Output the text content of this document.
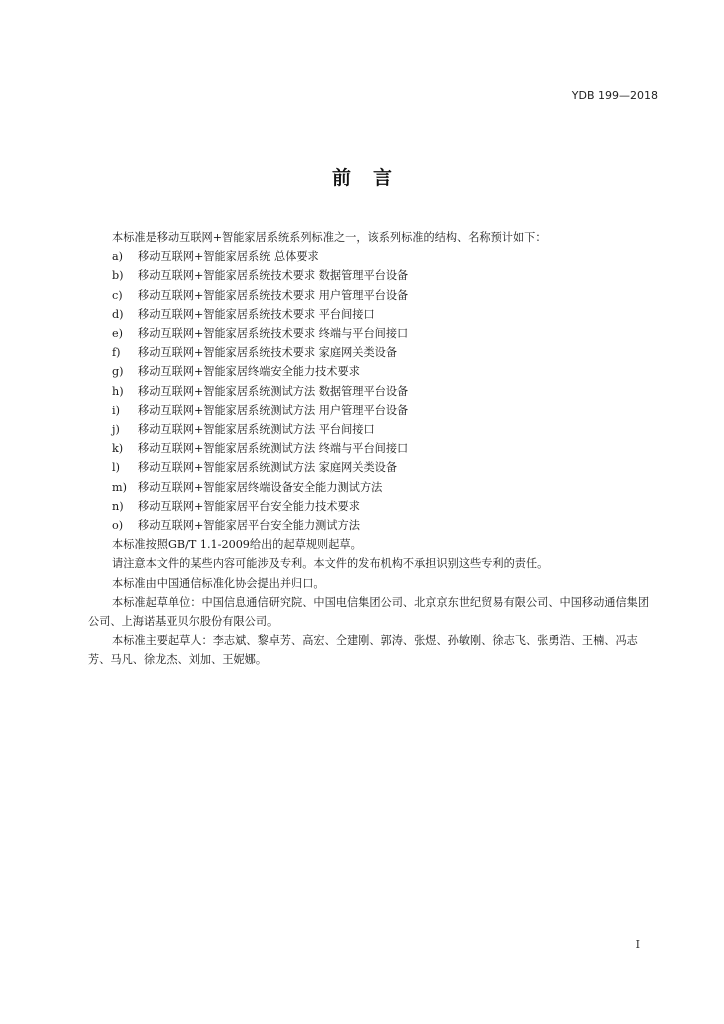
YDB 199—2018
前言

本标准是移动互联网+智能家居系统系列标准之一，该系列标准的结构、名称预计如下：

a)	移动互联网+智能家居系统 总体要求
b)	移动互联网+智能家居系统技术要求 数据管理平台设备
c)	移动互联网+智能家居系统技术要求 用户管理平台设备
d)	移动互联网+智能家居系统技术要求 平台间接口
e)	移动互联网+智能家居系统技术要求 终端与平台间接口
f)	移动互联网+智能家居系统技术要求 家庭网关类设备
g)	移动互联网+智能家居终端安全能力技术要求
h)	移动互联网+智能家居系统测试方法 数据管理平台设备
i)	移动互联网+智能家居系统测试方法 用户管理平台设备
j)	移动互联网+智能家居系统测试方法 平台间接口
k)	移动互联网+智能家居系统测试方法 终端与平台间接口
l)	移动互联网+智能家居系统测试方法 家庭网关类设备
m) 移动互联网+智能家居终端设备安全能力测试方法
n)	移动互联网+智能家居平台安全能力技术要求
o)	移动互联网+智能家居平台安全能力测试方法

本标准按照GB/T 1.1-2009给出的起草规则起草。

请注意本文件的某些内容可能涉及专利。本文件的发布机构不承担识别这些专利的责任。

本标准由中国通信标准化协会提出并归口。

本标准起草单位：中国信息通信研究院、中国电信集团公司、北京京东世纪贸易有限公司、中国移动通信集团公司、上海诺基亚贝尔股份有限公司。

本标准主要起草人：李志斌、黎卓芳、高宏、仝建刚、郭涛、张煜、孙敏刚、徐志飞、张勇浩、王楠、冯志芳、马凡、徐龙杰、刘加、王妮娜。

I
